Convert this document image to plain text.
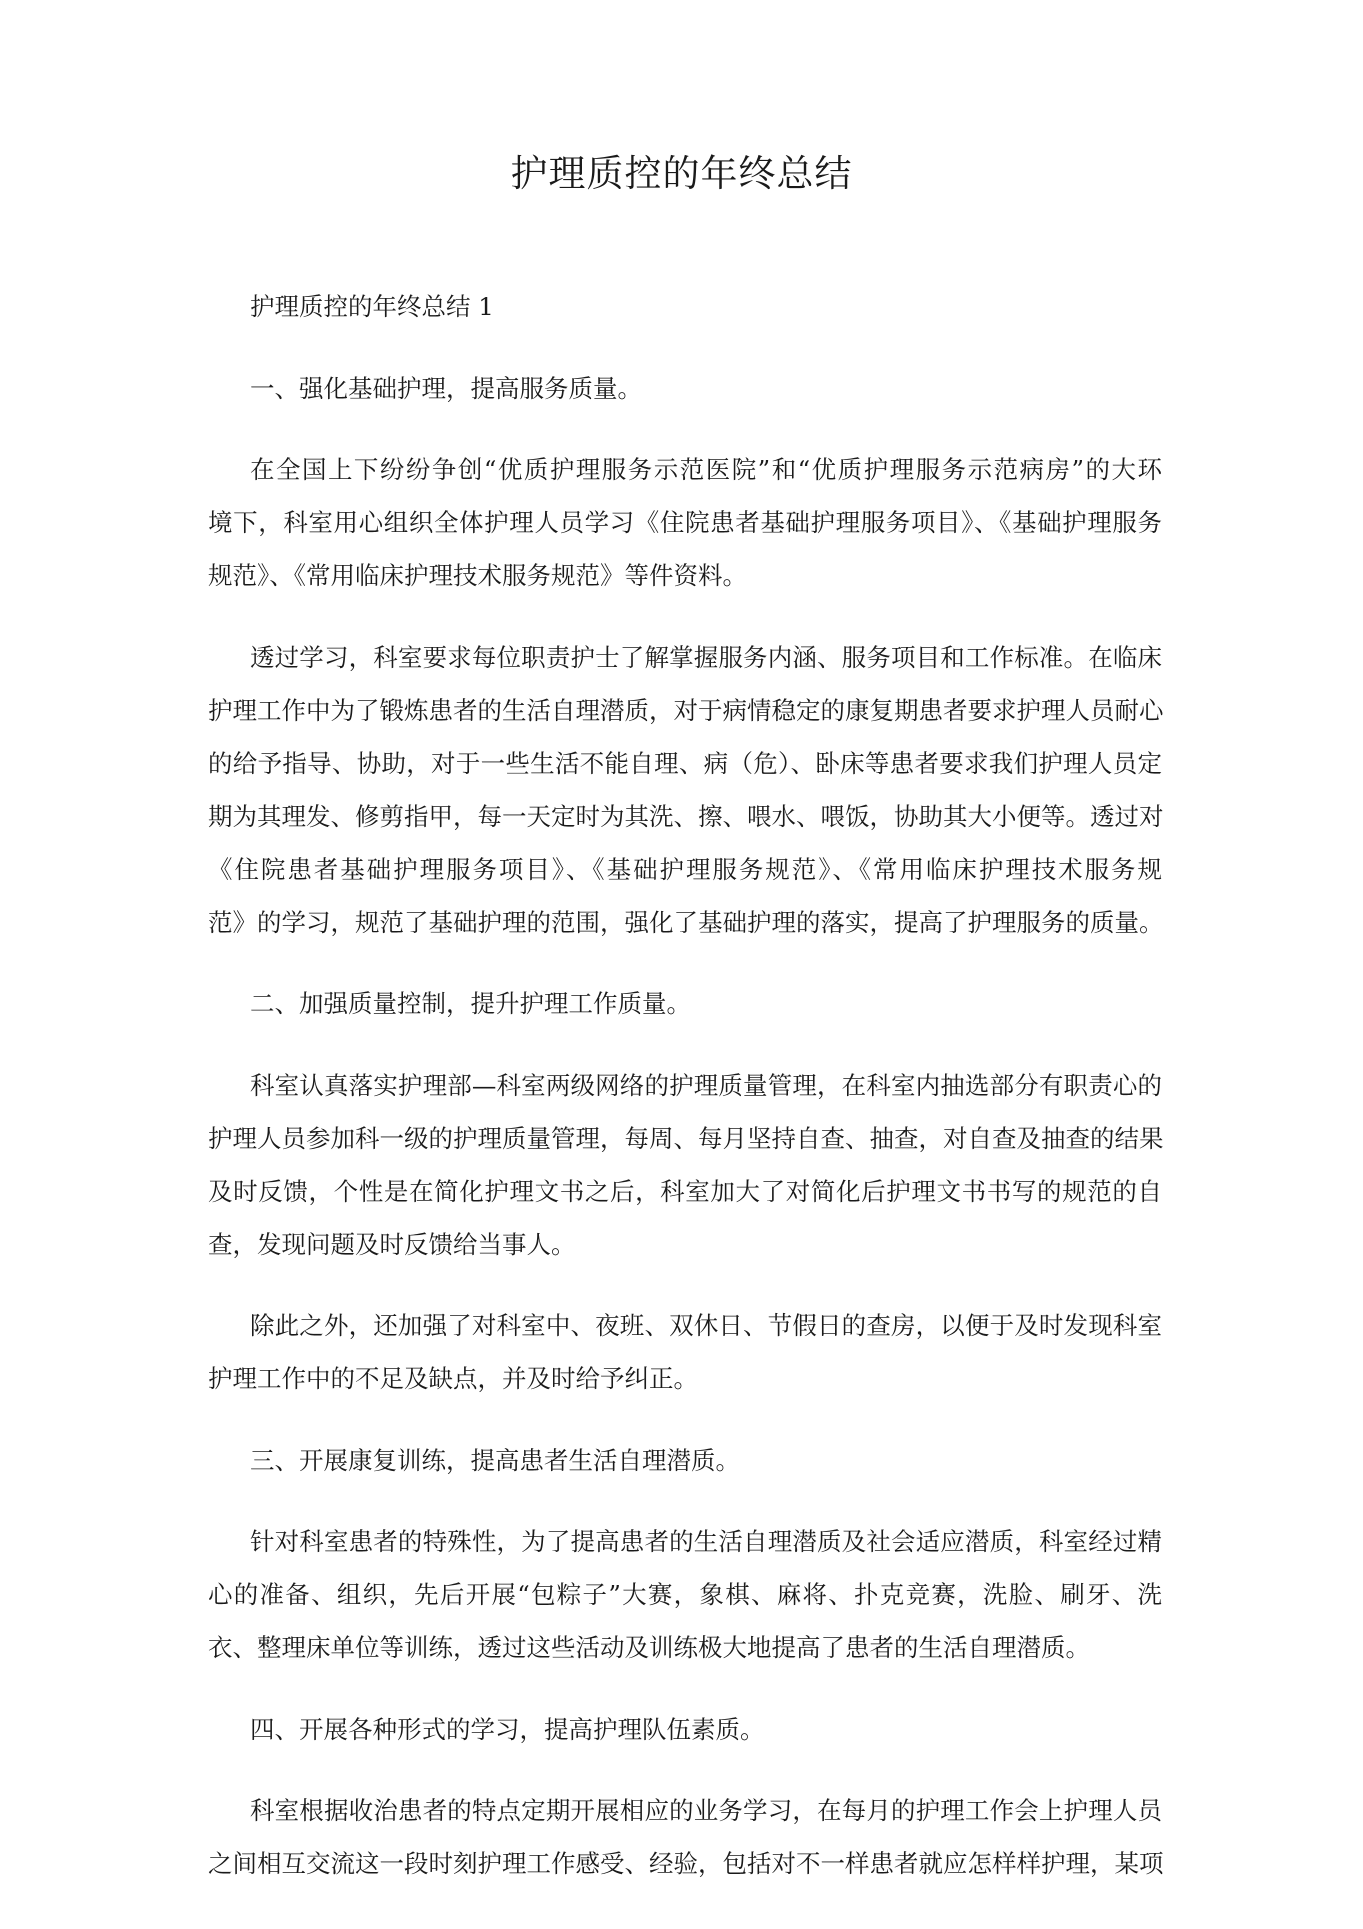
护理质控的年终总结
护理质控的年终总结 1
一、强化基础护理，提高服务质量。
在全国上下纷纷争创“优质护理服务示范医院”和“优质护理服务示范病房”的大环
境下，科室用心组织全体护理人员学习《住院患者基础护理服务项目》、《基础护理服务
规范》、《常用临床护理技术服务规范》等件资料。
透过学习，科室要求每位职责护士了解掌握服务内涵、服务项目和工作标准。在临床
护理工作中为了锻炼患者的生活自理潜质，对于病情稳定的康复期患者要求护理人员耐心
的给予指导、协助，对于一些生活不能自理、病（危）、卧床等患者要求我们护理人员定
期为其理发、修剪指甲，每一天定时为其洗、擦、喂水、喂饭，协助其大小便等。透过对
《住院患者基础护理服务项目》、《基础护理服务规范》、《常用临床护理技术服务规
范》的学习，规范了基础护理的范围，强化了基础护理的落实，提高了护理服务的质量。
二、加强质量控制，提升护理工作质量。
科室认真落实护理部—科室两级网络的护理质量管理，在科室内抽选部分有职责心的
护理人员参加科一级的护理质量管理，每周、每月坚持自查、抽查，对自查及抽查的结果
及时反馈，个性是在简化护理文书之后，科室加大了对简化后护理文书书写的规范的自
查，发现问题及时反馈给当事人。
除此之外，还加强了对科室中、夜班、双休日、节假日的查房，以便于及时发现科室
护理工作中的不足及缺点，并及时给予纠正。
三、开展康复训练，提高患者生活自理潜质。
针对科室患者的特殊性，为了提高患者的生活自理潜质及社会适应潜质，科室经过精
心的准备、组织，先后开展“包粽子”大赛，象棋、麻将、扑克竞赛，洗脸、刷牙、洗
衣、整理床单位等训练，透过这些活动及训练极大地提高了患者的生活自理潜质。
四、开展各种形式的学习，提高护理队伍素质。
科室根据收治患者的特点定期开展相应的业务学习，在每月的护理工作会上护理人员
之间相互交流这一段时刻护理工作感受、经验，包括对不一样患者就应怎样样护理，某项
